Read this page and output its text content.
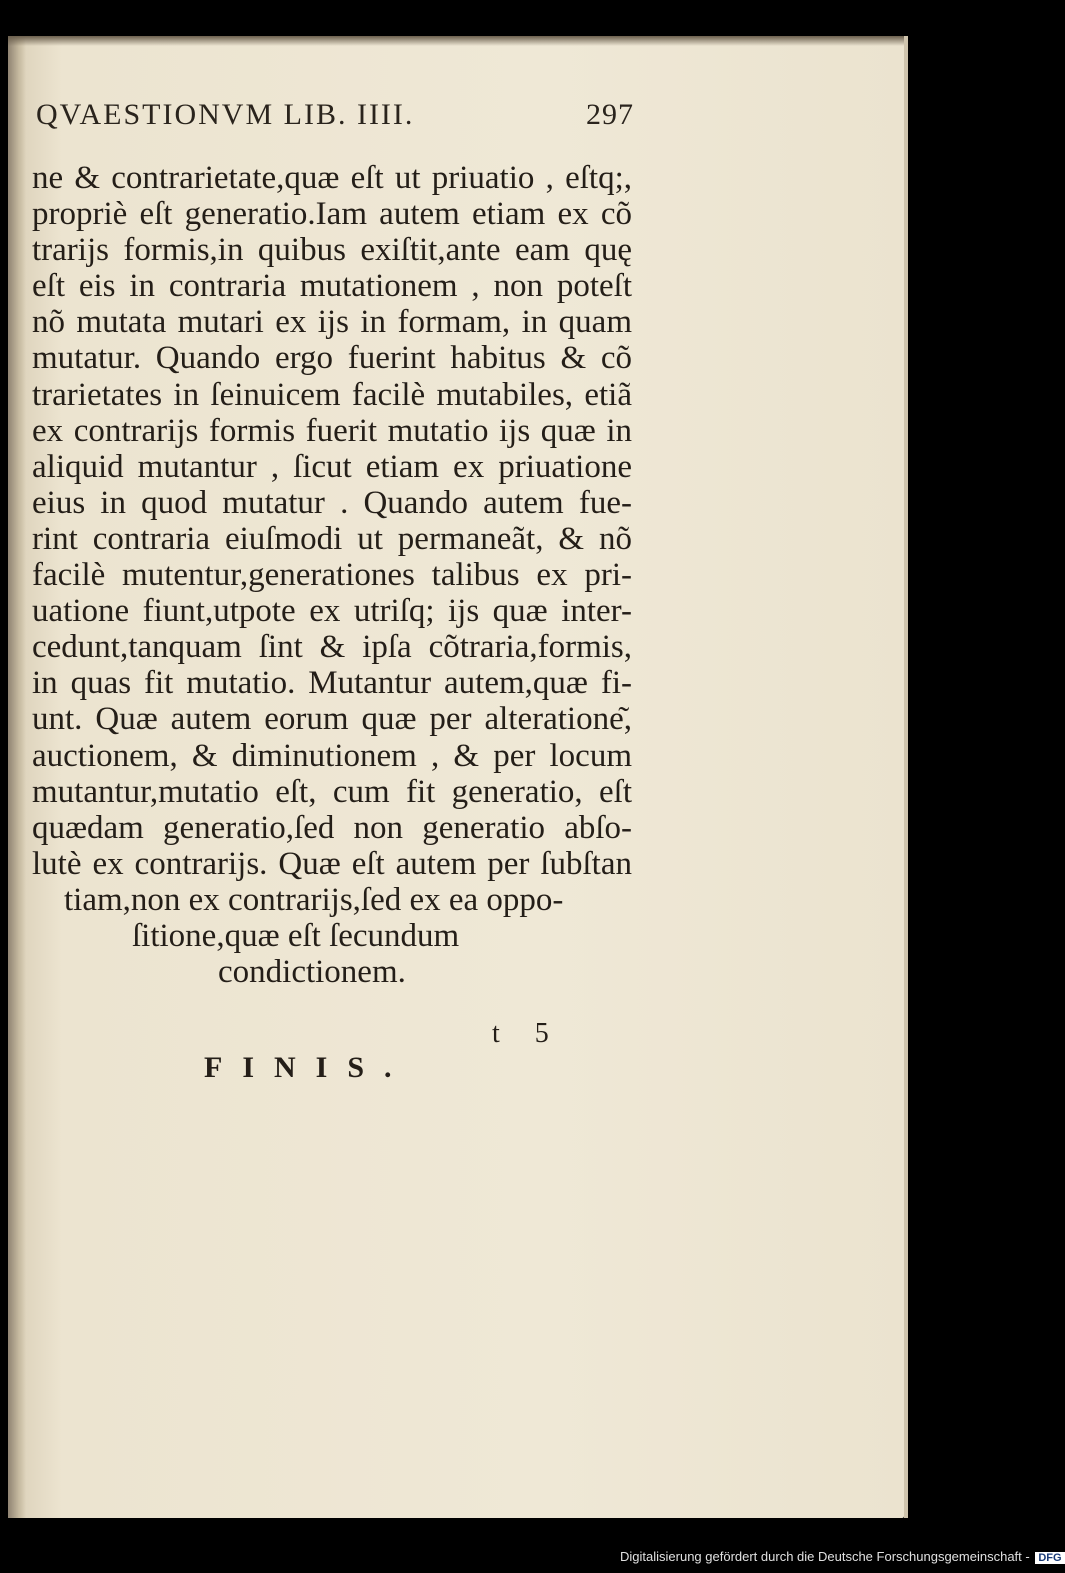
QVAESTIONVM LIB. IIII.	297
ne & contrarietate,quæ eſt ut priuatio , eſtq;,
propriè eſt generatio.Iam autem etiam ex cõ
trarijs formis,in quibus exiſtit,ante eam quę
eſt eis in contraria mutationem , non poteſt
nõ mutata mutari ex ijs in formam, in quam
mutatur. Quando ergo fuerint habitus & cõ
trarietates in ſeinuicem facilè mutabiles, etiã
ex contrarijs formis fuerit mutatio ijs quæ in
aliquid mutantur , ſicut etiam ex priuatione
eius in quod mutatur . Quando autem fue-
rint contraria eiuſmodi ut permaneãt, & nõ
facilè mutentur,generationes talibus ex pri-
uatione fiunt,utpote ex utriſq; ijs quæ inter-
cedunt,tanquam ſint & ipſa cõtraria,formis,
in quas fit mutatio. Mutantur autem,quæ fi-
unt. Quæ autem eorum quæ per alteratione͂,
auctionem, & diminutionem , & per locum
mutantur,mutatio eſt, cum fit generatio, eſt
quædam generatio,ſed non generatio abſo-
lutè ex contrarijs. Quæ eſt autem per ſubſtan
tiam,non ex contrarijs,ſed ex ea oppo-
ſitione,quæ eſt ſecundum
condictionem.
t 5
FINIS.
Digitalisierung gefördert durch die Deutsche Forschungsgemeinschaft - DFG
